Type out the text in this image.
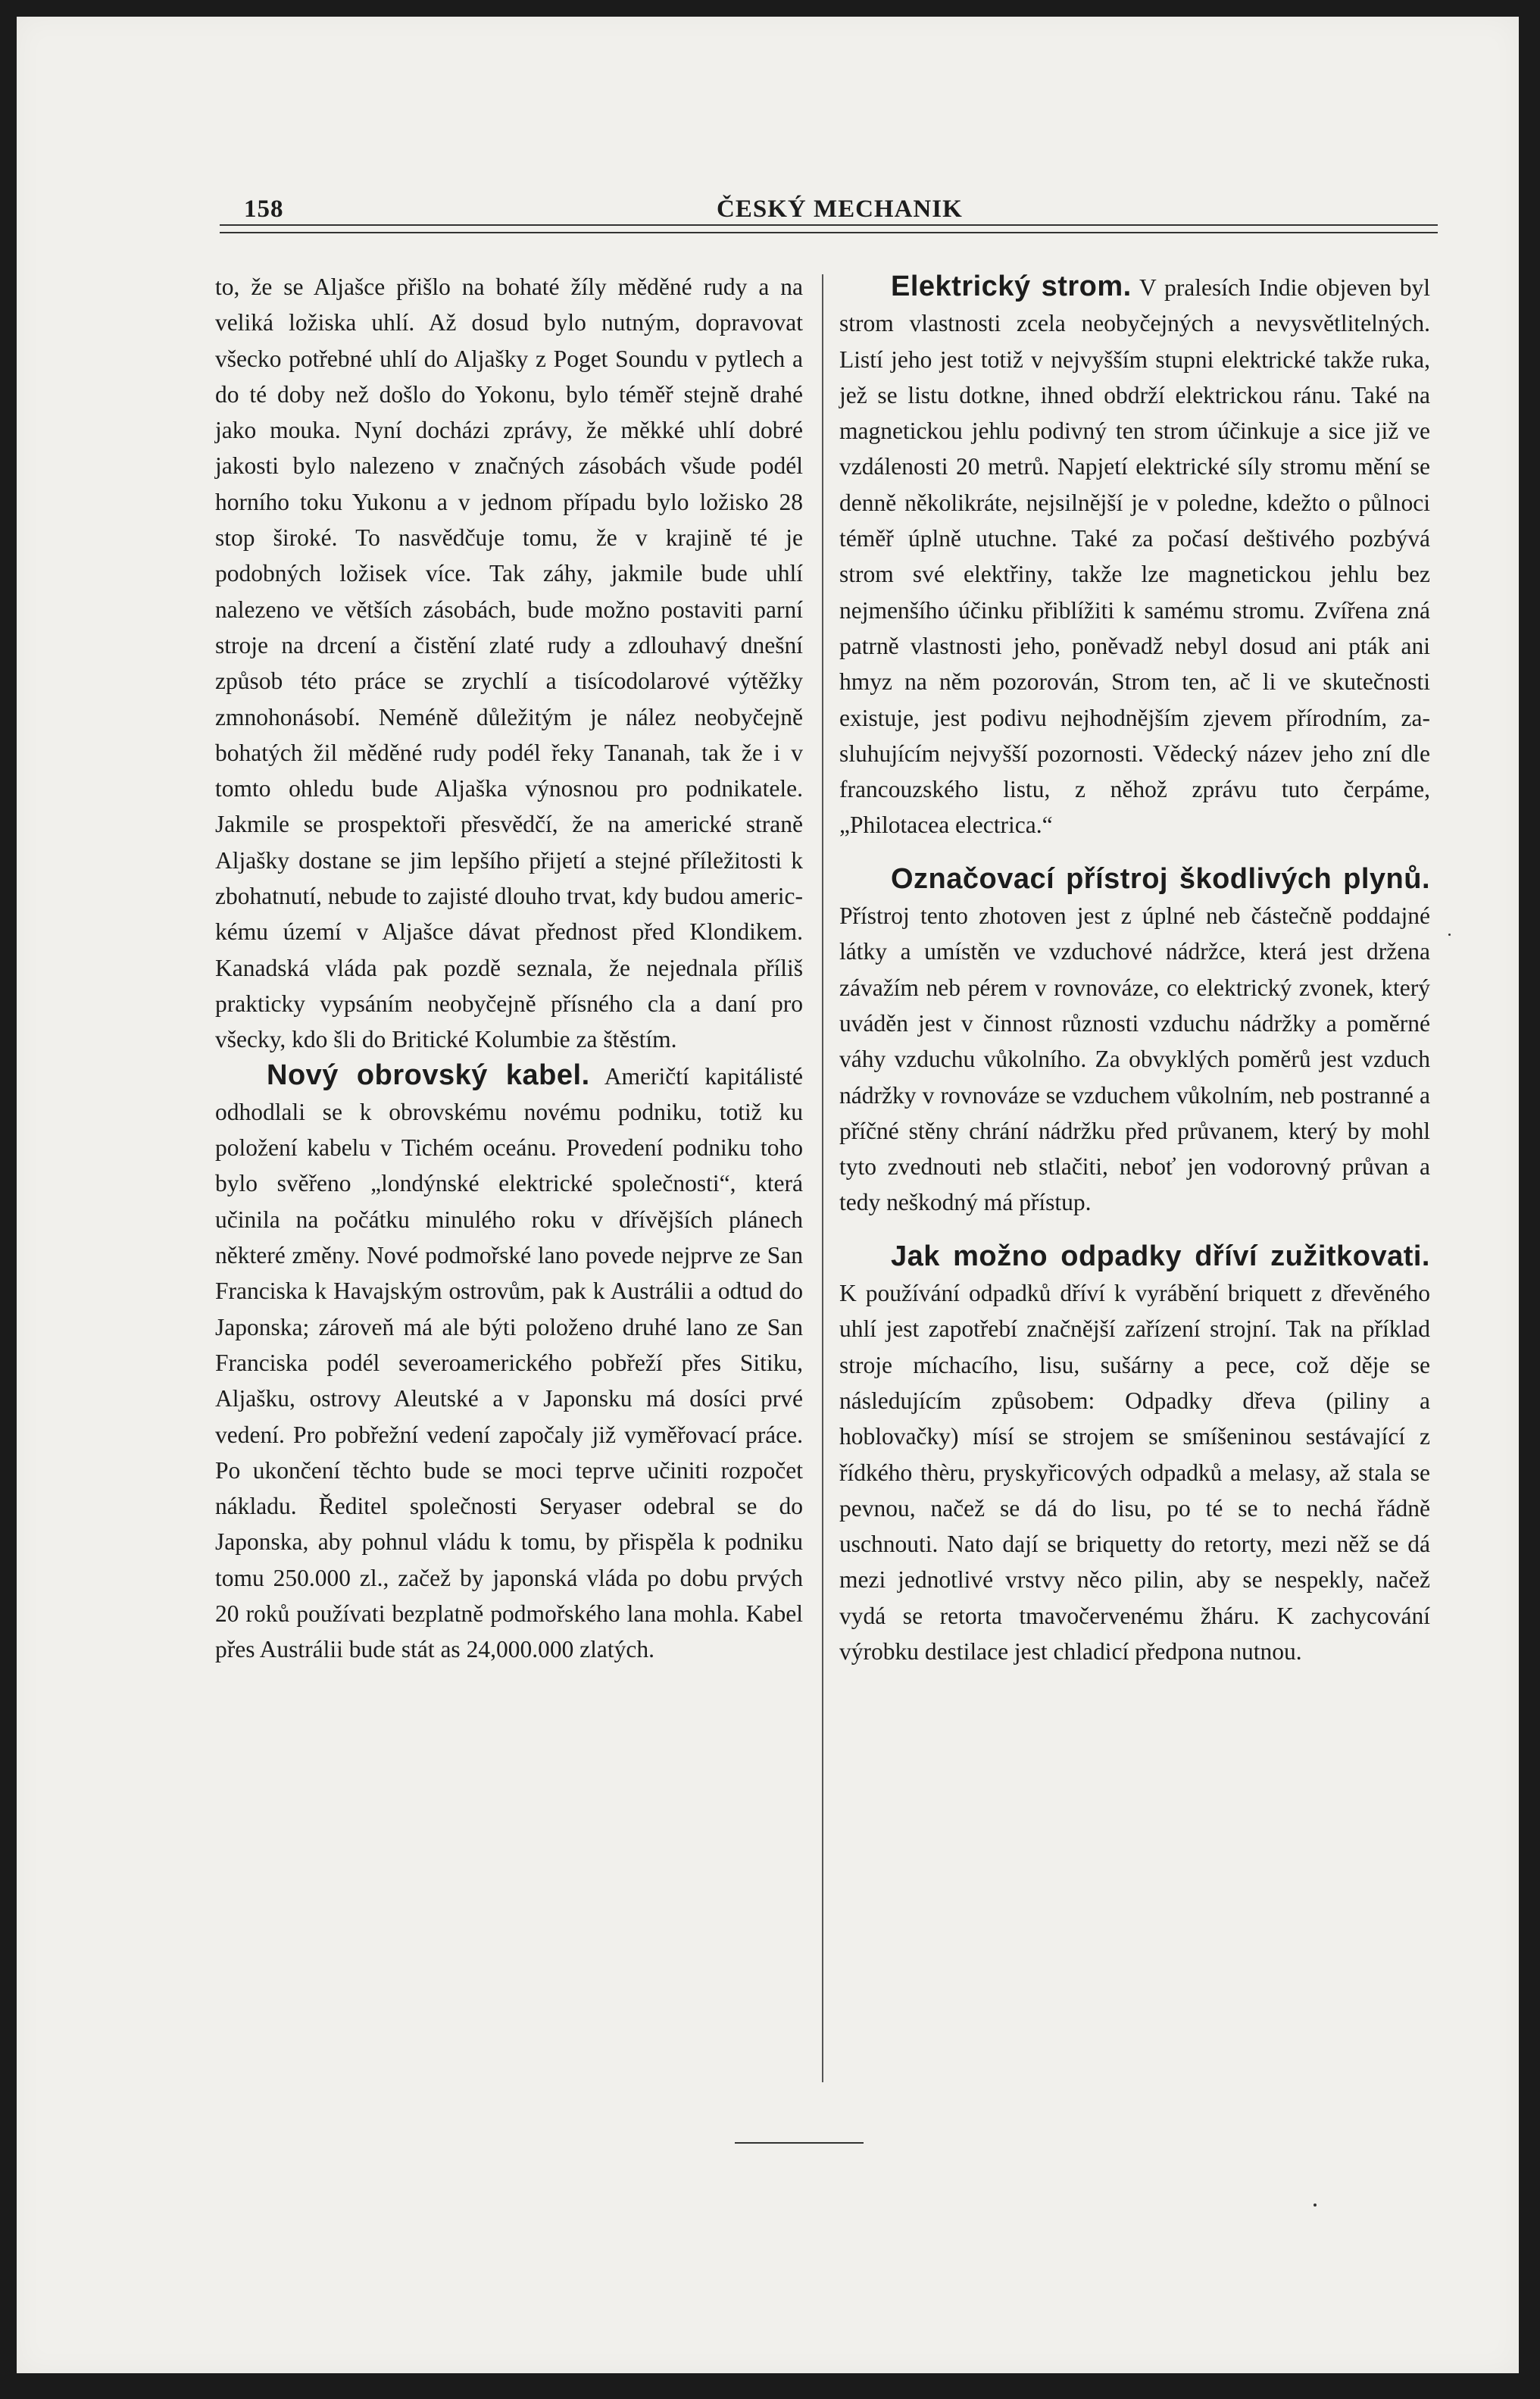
158	ČESKÝ MECHANIK

to, že se Aljašce přišlo na bohaté žíly měděné rudy a na veliká ložiska uhlí. Až dosud bylo nutným, dopravovat všecko potřebné uhlí do Aljašky z Poget Soundu v pytlech a do té doby než došlo do Yokonu, bylo téměř stejně drahé jako mouka. Nyní docházi zprávy, že měkké uhlí dobré jakosti bylo nalezeno v značných zásobách všude podél horního toku Yukonu a v jednom případu bylo ložisko 28 stop široké. To nasvědčuje tomu, že v krajině té je podobných ložisek více. Tak záhy, jakmile bude uhlí nalezeno ve větších zásobách, bude možno postaviti parní stroje na drcení a čistění zlaté rudy a zdlouhavý dnešní způsob této práce se zrychlí a tisícodolarové výtěžky zmnohonásobí. Neméně důležitým je nález neobyčejně bohatých žil měděné rudy podél řeky Tananah, tak že i v tomto ohledu bude Aljaška výnosnou pro podnikatele. Jakmile se prospektoři přesvědčí, že na americké straně Aljašky dostane se jim lepšího přijetí a stejné příležitosti k zbohatnutí, nebude to zajisté dlouho trvat, kdy budou americkému území v Aljašce dávat přednost před Klondikem. Kanadská vláda pak pozdě seznala, že nejednala příliš prakticky vypsáním neobyčejně přísného cla a daní pro všecky, kdo šli do Britické Kolumbie za štěstím.

Nový obrovský kabel. Američtí kapitálisté odhodlali se k obrovskému novému podniku, totiž ku položení kabelu v Tichém oceánu. Provedení podniku toho bylo svěřeno „londýnské elektrické společnosti“, která učinila na počátku minulého roku v dřívějších plánech některé změny. Nové podmořské lano povede nejprve ze San Franciska k Havajským ostrovům, pak k Austrálii a odtud do Japonska; zároveň má ale býti položeno druhé lano ze San Franciska podél severoamerického pobřeží přes Sitiku, Aljašku, ostrovy Aleutské a v Japonsku má dosíci prvé vedení. Pro pobřežní vedení započaly již vyměřovací práce. Po ukončení těchto bude se moci teprve učiniti rozpočet nákladu. Ředitel společnosti Seryaser odebral se do Japonska, aby pohnul vládu k tomu, by přispěla k podniku tomu 250.000 zl., začež by japonská vláda po dobu prvých 20 roků používati bezplatně podmořského lana mohla. Kabel přes Austrálii bude stát as 24,000.000 zlatých.

Elektrický strom. V pralesích Indie objeven byl strom vlastnosti zcela neobyčejných a nevysvětlitelných. Listí jeho jest totiž v nejvyšším stupni elektrické takže ruka, jež se listu dotkne, ihned obdrží elektrickou ránu. Také na magnetickou jehlu podivný ten strom účinkuje a sice již ve vzdálenosti 20 metrů. Napjetí elektrické síly stromu mění se denně několikráte, nejsilnější je v poledne, kdežto o půlnoci téměř úplně utuchne. Také za počasí deštivého pozbývá strom své elektřiny, takže lze magnetickou jehlu bez nejmenšího účinku přiblížiti k samému stromu. Zvířena zná patrně vlastnosti jeho, poněvadž nebyl dosud ani pták ani hmyz na něm pozorován, Strom ten, ač li ve skutečnosti existuje, jest podivu nejhodnějším zjevem přírodním, zasluhujícím nejvyšší pozornosti. Vědecký název jeho zní dle francouzského listu, z něhož zprávu tuto čerpáme, „Philotacea electrica.“

Označovací přístroj škodlivých plynů. Přístroj tento zhotoven jest z úplné neb částečně poddajné látky a umístěn ve vzduchové nádržce, která jest držena závažím neb pérem v rovnováze, co elektrický zvonek, který uváděn jest v činnost různosti vzduchu nádržky a poměrné váhy vzduchu vůkolního. Za obvyklých poměrů jest vzduch nádržky v rovnováze se vzduchem vůkolním, neb postranné a příčné stěny chrání nádržku před průvanem, který by mohl tyto zvednouti neb stlačiti, neboť jen vodorovný průvan a tedy neškodný má přístup.

Jak možno odpadky dříví zužitkovati. K používání odpadků dříví k vyrábění briquett z dřevěného uhlí jest zapotřebí značnější zařízení strojní. Tak na příklad stroje míchacího, lisu, sušárny a pece, což děje se následujícím způsobem: Odpadky dřeva (piliny a hoblovačky) mísí se strojem se smíšeninou sestávající z řídkého thèru, pryskyřicových odpadků a melasy, až stala se pevnou, načež se dá do lisu, po té se to nechá řádně uschnouti. Nato dají se briquetty do retorty, mezi něž se dá mezi jednotlivé vrstvy něco pilin, aby se nespekly, načež vydá se retorta tmavočervenému žháru. K zachycování výrobku destilace jest chladicí předpona nutnou.
